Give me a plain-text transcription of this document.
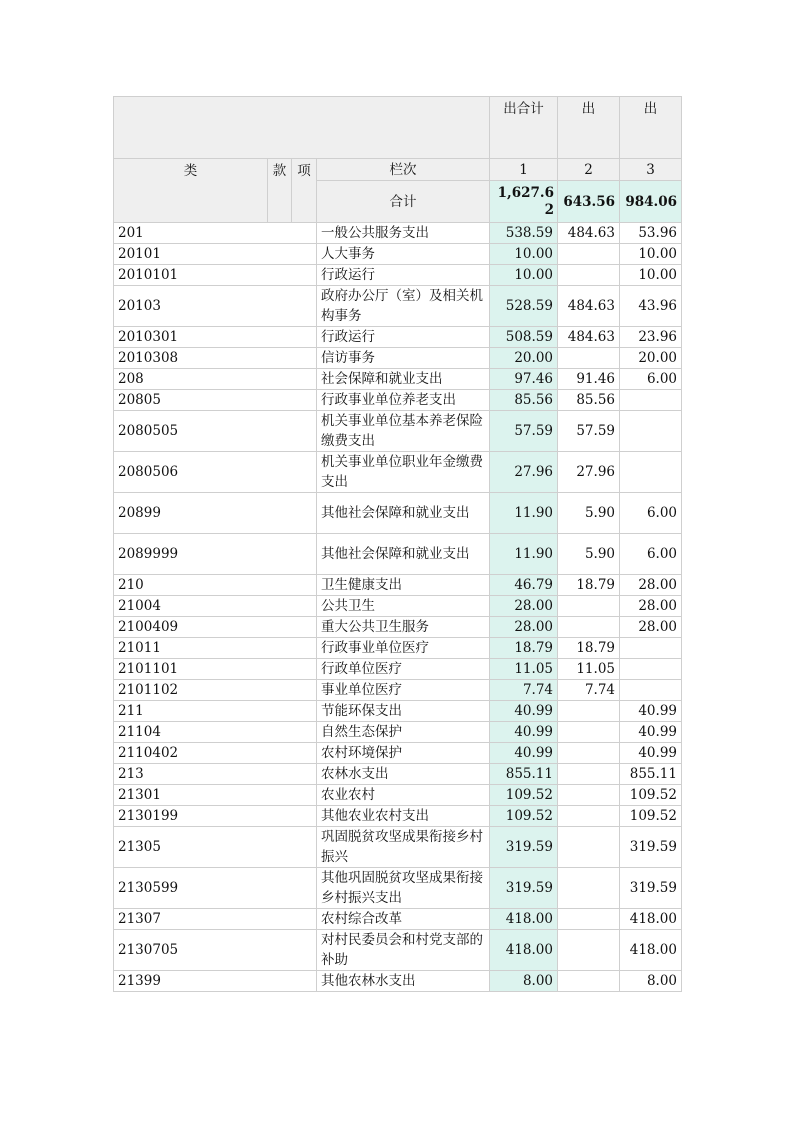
				出合计	出	出
类	款	项	栏次	1	2	3
			合计	1,627.62	643.56	984.06
201			一般公共服务支出	538.59	484.63	53.96
20101			人大事务	10.00		10.00
2010101			行政运行	10.00		10.00
20103			政府办公厅（室）及相关机构事务	528.59	484.63	43.96
2010301			行政运行	508.59	484.63	23.96
2010308			信访事务	20.00		20.00
208			社会保障和就业支出	97.46	91.46	6.00
20805			行政事业单位养老支出	85.56	85.56	
2080505			机关事业单位基本养老保险缴费支出	57.59	57.59	
2080506			机关事业单位职业年金缴费支出	27.96	27.96	
20899			其他社会保障和就业支出	11.90	5.90	6.00
2089999			其他社会保障和就业支出	11.90	5.90	6.00
210			卫生健康支出	46.79	18.79	28.00
21004			公共卫生	28.00		28.00
2100409			重大公共卫生服务	28.00		28.00
21011			行政事业单位医疗	18.79	18.79	
2101101			行政单位医疗	11.05	11.05	
2101102			事业单位医疗	7.74	7.74	
211			节能环保支出	40.99		40.99
21104			自然生态保护	40.99		40.99
2110402			农村环境保护	40.99		40.99
213			农林水支出	855.11		855.11
21301			农业农村	109.52		109.52
2130199			其他农业农村支出	109.52		109.52
21305			巩固脱贫攻坚成果衔接乡村振兴	319.59		319.59
2130599			其他巩固脱贫攻坚成果衔接乡村振兴支出	319.59		319.59
21307			农村综合改革	418.00		418.00
2130705			对村民委员会和村党支部的补助	418.00		418.00
21399			其他农林水支出	8.00		8.00
